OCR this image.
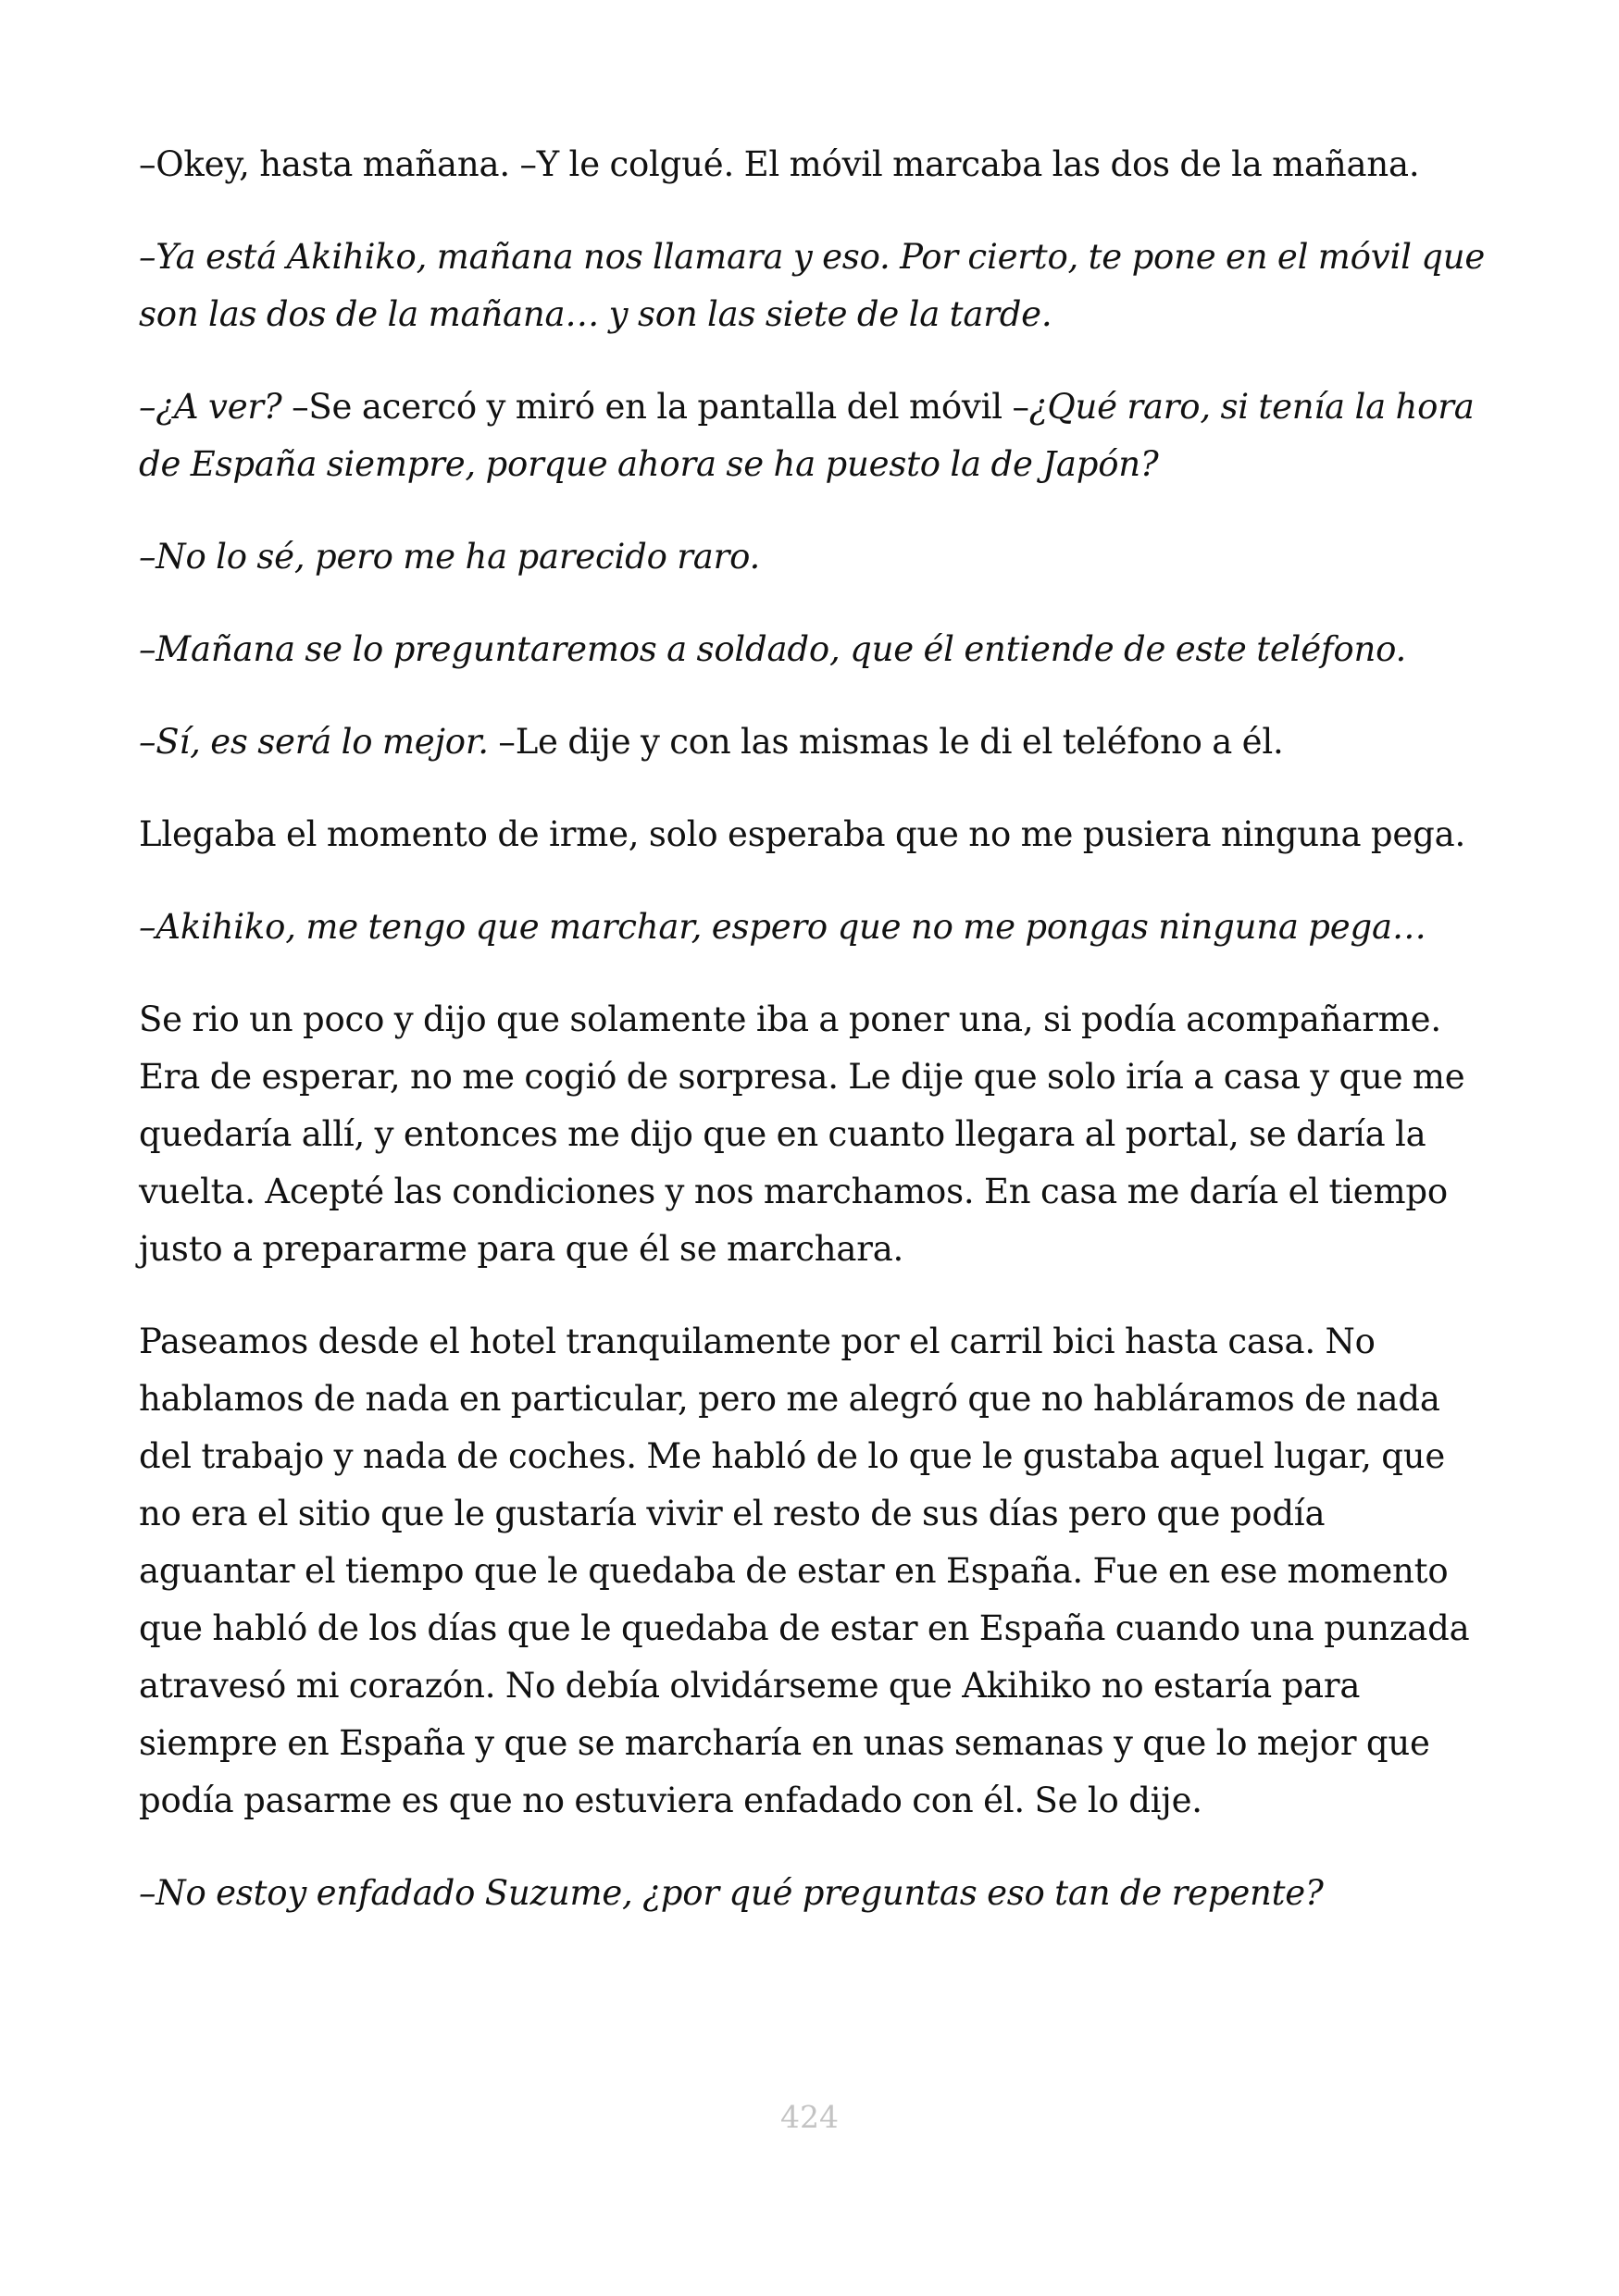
–Okey, hasta mañana. –Y le colgué. El móvil marcaba las dos de la mañana.

–Ya está Akihiko, mañana nos llamara y eso. Por cierto, te pone en el móvil que son las dos de la mañana… y son las siete de la tarde.

–¿A ver? –Se acercó y miró en la pantalla del móvil –¿Qué raro, si tenía la hora de España siempre, porque ahora se ha puesto la de Japón?

–No lo sé, pero me ha parecido raro.

–Mañana se lo preguntaremos a soldado, que él entiende de este teléfono.

–Sí, es será lo mejor. –Le dije y con las mismas le di el teléfono a él.

Llegaba el momento de irme, solo esperaba que no me pusiera ninguna pega.

–Akihiko, me tengo que marchar, espero que no me pongas ninguna pega…

Se rio un poco y dijo que solamente iba a poner una, si podía acompañarme. Era de esperar, no me cogió de sorpresa. Le dije que solo iría a casa y que me quedaría allí, y entonces me dijo que en cuanto llegara al portal, se daría la vuelta. Acepté las condiciones y nos marchamos. En casa me daría el tiempo justo a prepararme para que él se marchara.

Paseamos desde el hotel tranquilamente por el carril bici hasta casa. No hablamos de nada en particular, pero me alegró que no habláramos de nada del trabajo y nada de coches. Me habló de lo que le gustaba aquel lugar, que no era el sitio que le gustaría vivir el resto de sus días pero que podía aguantar el tiempo que le quedaba de estar en España. Fue en ese momento que habló de los días que le quedaba de estar en España cuando una punzada atravesó mi corazón. No debía olvidárseme que Akihiko no estaría para siempre en España y que se marcharía en unas semanas y que lo mejor que podía pasarme es que no estuviera enfadado con él. Se lo dije.

–No estoy enfadado Suzume, ¿por qué preguntas eso tan de repente?

424
